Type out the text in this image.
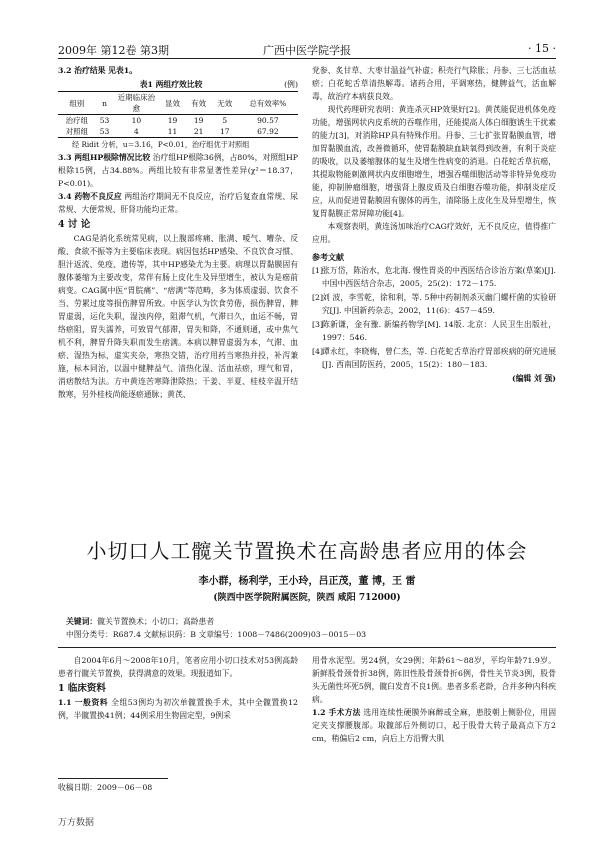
2009年 第12卷 第3期	广西中医学院学报	· 15 ·

3.2 治疗结果 见表1。

表1 两组疗效比较	(例)
组别	n	近期临床治愈	显效	有效	无效	总有效率%
治疗组	53	10	19	19	5	90.57
对照组	53	4	11	21	17	67.92

经 Ridit 分析，u＝3.16，P<0.01，治疗组优于对照组

3.3 两组HP根除情况比较 治疗组HP根除36例，占80%，对照组HP根除15例，占34.88%。两组比较有非常显著性差异(χ²＝18.37，P<0.01)。

3.4 药物不良反应 两组治疗期间无不良反应，治疗后复查血常规、尿常规、大便常规、肝肾功能均正常。

4 讨 论

CAG是消化系统常见病，以上腹部疼痛、胀满、嗳气、嘈杂、反酸、食欲不振等为主要临床表现。病因包括HP感染、不良饮食习惯、胆汁返流、免疫、遗传等，其中HP感染尤为主要。病理以胃黏膜固有腺体萎缩为主要改变，常伴有肠上皮化生及异型增生，被认为是癌前病变。CAG属中医“胃脘痛”、“痞满”等范畴，多为体质虚弱、饮食不当、劳累过度等损伤脾胃所致。中医学认为饮食劳倦，损伤脾胃，脾胃虚弱，运化失职，湿浊内停，阻滞气机，气滞日久，血运不畅，胃络瘀阻，胃失濡养，可致胃气郁滞，胃失和降，不通则通，或中焦气机不利，脾胃升降失职而发生痞满。本病以脾胃虚弱为本，气滞、血瘀、湿热为标，虚实夹杂，寒热交错，治疗用药当寒热并投，补泻兼施，标本同治，以温中健脾益气、清热化湿、活血祛瘀，理气和胃，消痞散结为法。方中黄连苦寒降泄除热；干姜、半夏、桂枝辛温开结散寒，另外桂枝尚能逐瘀通脉；黄芪、

党参、炙甘草、大枣甘温益气补虚；积壳行气除胀；丹参、三七活血祛瘀；白花蛇舌草清热解毒。诸药合用，平调寒热，健脾益气，活血解毒，故治疗本病获良效。

现代药理研究表明：黄连杀灭HP效果好[2]。黄芪能促进机体免疫功能，增强网状内皮系统的吞噬作用，还能提高人体白细胞诱生干扰素的能力[3]，对消除HP具有特殊作用。丹参、三七扩张胃黏膜血管，增加胃黏膜血流，改善微循环，使胃黏膜缺血缺氧得到改善，有利于炎症的吸收，以及萎缩腺体的复生及增生性病变的消退。白花蛇舌草抗癌，其提取物能刺激网状内皮细胞增生，增强吞噬细胞活动等非特异免疫功能，抑制肿瘤细胞，增强肾上腺皮质及白细胞吞噬功能，抑制炎症反应，从而促进胃黏膜固有腺体的再生，清除肠上皮化生及异型增生，恢复胃黏膜正常屏障功能[4]。

本观察表明，黄连汤加味治疗CAG疗效好，无不良反应，值得推广应用。

参考文献

[1]
张万岱，陈治水，危北海. 慢性胃炎的中西医结合诊治方案(草案)[J]. 中国中西医结合杂志，2005，25(2)：172－175.

[2]
刘 波，李雪乾，徐和利，等. 5种中药制剂杀灭幽门螺杆菌的实验研究[J]. 中国新药杂志，2002，11(6)：457－459.

[3]
陈新谦，金有豫. 新编药物学[M]. 14版. 北京：人民卫生出版社，1997：546.

[4]
谭永红，李晓梅，曾仁杰，等. 白花蛇舌草治疗胃部疾病的研究进展[J]. 西南国防医药，2005，15(2)：180－183.

(编辑 刘 强)
小切口人工髋关节置换术在高龄患者应用的体会
李小群，杨利学，王小玲，吕正茂，董 博，王 雷
(陕西中医学院附属医院，陕西 咸阳 712000)
关键词：髋关节置换术；小切口；高龄患者
中图分类号：R687.4 文献标识码：B 文章编号：1008－7486(2009)03－0015－03

自2004年6月～2008年10月，笔者应用小切口技术对53例高龄患者行髋关节置换，获得满意的效果。现报道如下。

1 临床资料

1.1 一般资料 全组53例均为初次单髋置换手术，其中全髋置换12例，半髋置换41例；44例采用生物固定型，9例采

收稿日期：2009－06－08

用骨水泥型。男24例，女29例；年龄61～88岁，平均年龄71.9岁。新鲜股骨颈骨折38例，陈旧性股骨颈骨折6例，骨性关节炎3例，股骨头无菌性坏死5例，髋臼发育不良1例。患者多系老龄，合并多种内科疾病。

1.2 手术方法 选用连续性硬膜外麻醉或全麻，患肢朝上侧卧位，用固定夹支撑腰腹部。取髋部后外侧切口，起于股骨大转子最高点下方2 cm，稍偏后2 cm，向后上方沿臀大肌

万方数据
